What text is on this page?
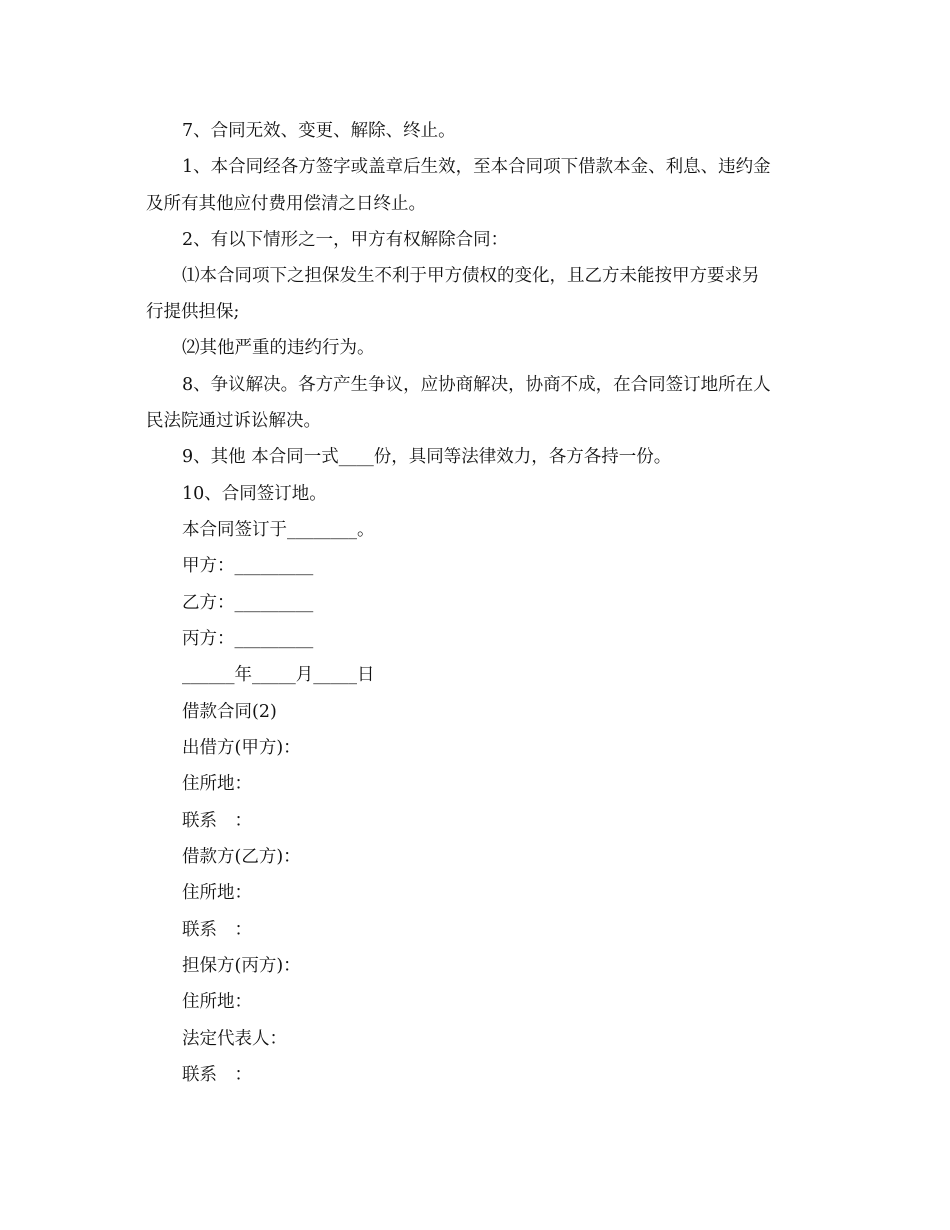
7、合同无效、变更、解除、终止。
1、本合同经各方签字或盖章后生效，至本合同项下借款本金、利息、违约金
及所有其他应付费用偿清之日终止。
2、有以下情形之一，甲方有权解除合同：
⑴本合同项下之担保发生不利于甲方债权的变化，且乙方未能按甲方要求另
行提供担保;
⑵其他严重的违约行为。
8、争议解决。各方产生争议，应协商解决，协商不成，在合同签订地所在人
民法院通过诉讼解决。
9、其他 本合同一式____份，具同等法律效力，各方各持一份。
10、合同签订地。
本合同签订于________。
甲方：_________
乙方：_________
丙方：_________
______年_____月_____日
借款合同(2)
出借方(甲方)：
住所地：
联系　：
借款方(乙方)：
住所地：
联系　：
担保方(丙方)：
住所地：
法定代表人：
联系　：
